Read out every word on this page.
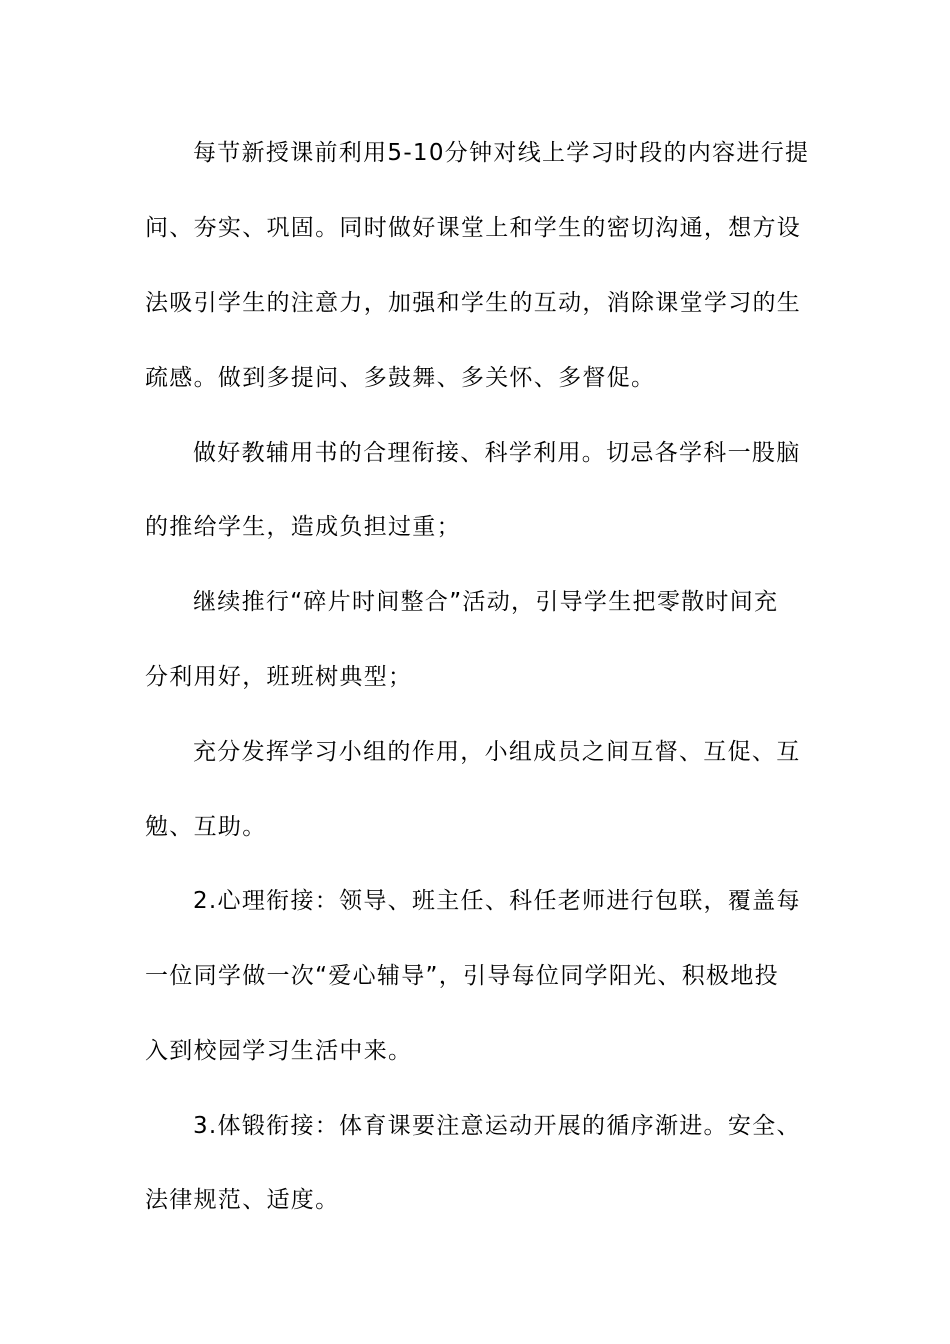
每节新授课前利用5-10分钟对线上学习时段的内容进行提
问、夯实、巩固。同时做好课堂上和学生的密切沟通，想方设
法吸引学生的注意力，加强和学生的互动，消除课堂学习的生
疏感。做到多提问、多鼓舞、多关怀、多督促。
做好教辅用书的合理衔接、科学利用。切忌各学科一股脑
的推给学生，造成负担过重；
继续推行“碎片时间整合”活动，引导学生把零散时间充
分利用好，班班树典型；
充分发挥学习小组的作用，小组成员之间互督、互促、互
勉、互助。
2.心理衔接：领导、班主任、科任老师进行包联，覆盖每
一位同学做一次“爱心辅导”，引导每位同学阳光、积极地投
入到校园学习生活中来。
3.体锻衔接：体育课要注意运动开展的循序渐进。安全、
法律规范、适度。
